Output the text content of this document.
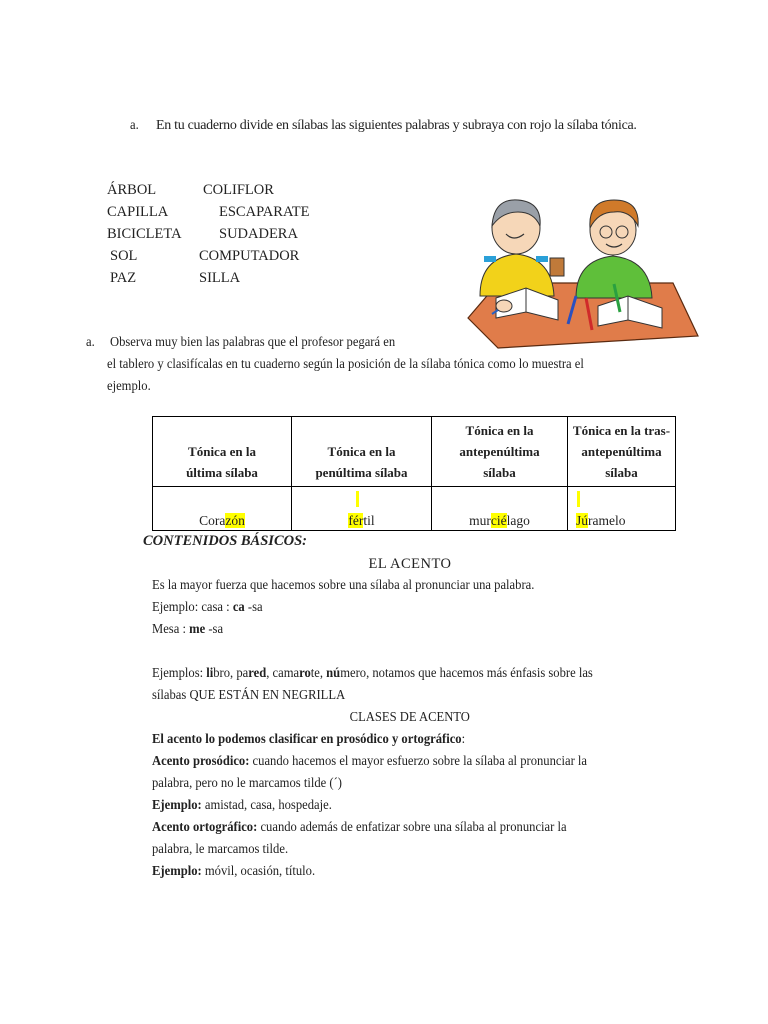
a.	En tu cuaderno divide en sílabas las siguientes palabras y subraya con rojo la sílaba tónica.
ÁRBOL	COLIFLOR
CAPILLA	ESCAPARATE
BICICLETA	SUDADERA
SOL	COMPUTADOR
PAZ	SILLA
a. Observa muy bien las palabras que el profesor pegará en
el tablero y clasifícalas en tu cuaderno según la posición de la sílaba tónica como lo muestra el
ejemplo.
Tónica en la
última sílaba	Tónica en la
penúltima sílaba	Tónica en la
antepenúltima
sílaba	Tónica en la tras-
antepenúltima
sílaba
Corazón	fértil	murciélago	Júramelo
CONTENIDOS BÁSICOS:
EL ACENTO
Es la mayor fuerza que hacemos sobre una sílaba al pronunciar una palabra.
Ejemplo: casa : ca -sa
Mesa : me -sa
Ejemplos: libro, pared, camarote, número, notamos que hacemos más énfasis sobre las
sílabas QUE ESTÁN EN NEGRILLA
CLASES DE ACENTO
El acento lo podemos clasificar en prosódico y ortográfico:
Acento prosódico: cuando hacemos el mayor esfuerzo sobre la sílaba al pronunciar la
palabra, pero no le marcamos tilde (´)
Ejemplo: amistad, casa, hospedaje.
Acento ortográfico: cuando además de enfatizar sobre una sílaba al pronunciar la
palabra, le marcamos tilde.
Ejemplo: móvil, ocasión, título.
